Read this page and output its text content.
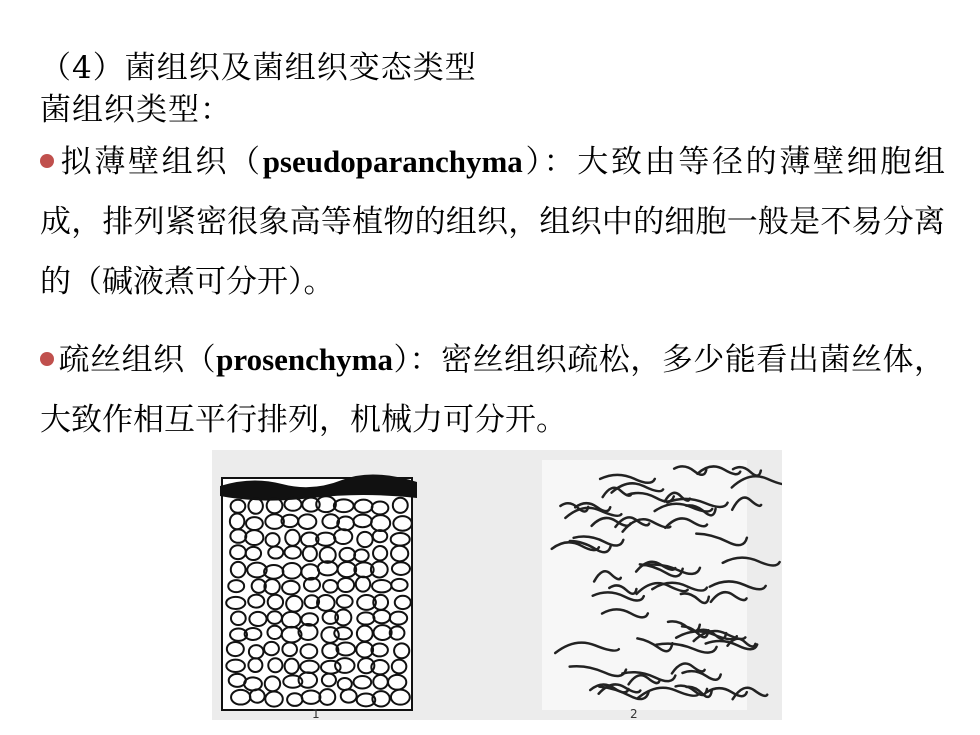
（4）菌组织及菌组织变态类型
菌组织类型：
拟薄壁组织（pseudoparanchyma）：大致由等径的薄壁细胞组成，排列紧密很象高等植物的组织，组织中的细胞一般是不易分离的（碱液煮可分开）。
疏丝组织（prosenchyma）：密丝组织疏松，多少能看出菌丝体，大致作相互平行排列，机械力可分开。
1	2
